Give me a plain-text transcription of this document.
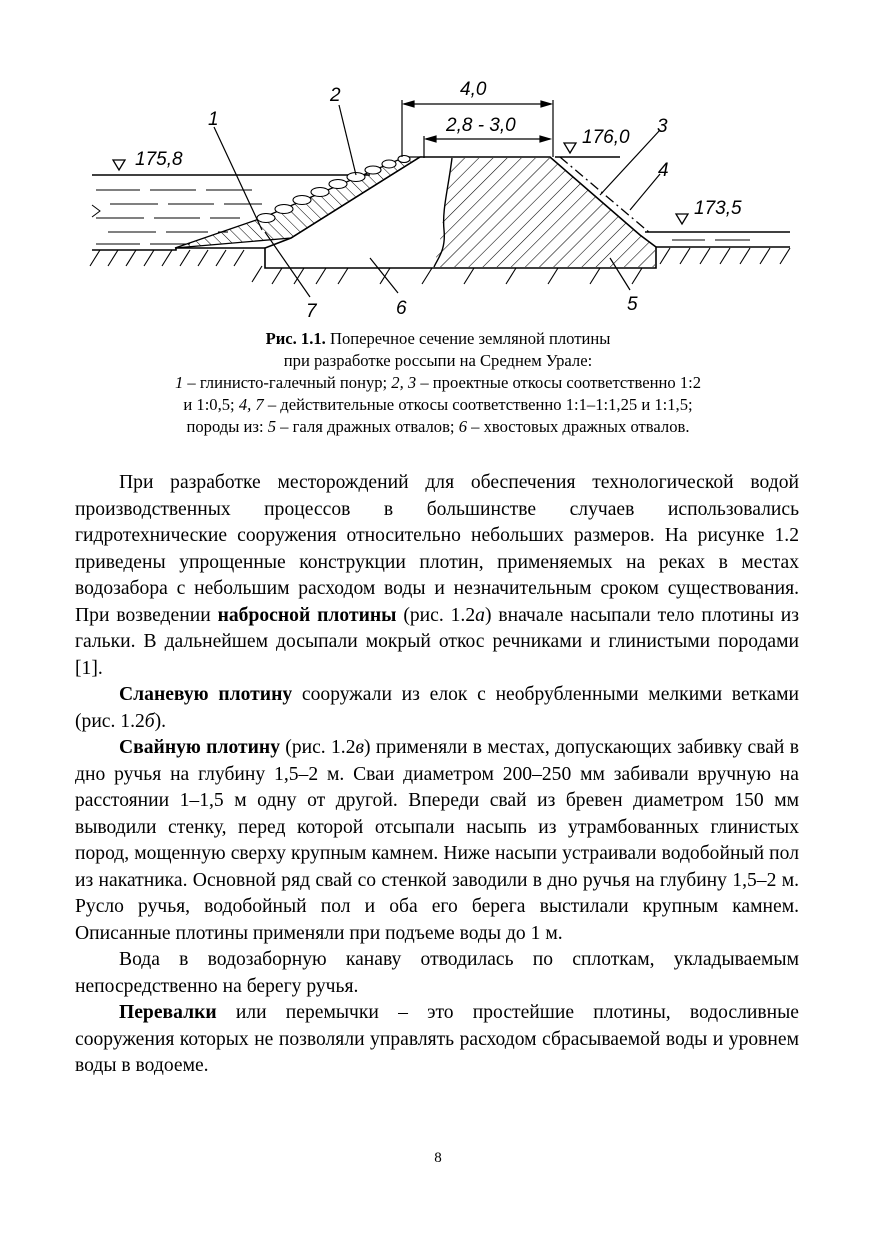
2
1	3
4
7	6	5
4,0
2,8 - 3,0
176,0
175,8
173,5
Рис. 1.1. Поперечное сечение земляной плотины
при разработке россыпи на Среднем Урале:
1 – глинисто-галечный понур; 2, 3 – проектные откосы соответственно 1:2
и 1:0,5; 4, 7 – действительные откосы соответственно 1:1–1:1,25 и 1:1,5;
породы из: 5 – галя дражных отвалов; 6 – хвостовых дражных отвалов.

При разработке месторождений для обеспечения технологической водой производственных процессов в большинстве случаев использовались гидротехнические сооружения относительно небольших размеров. На рисунке 1.2 приведены упрощенные конструкции плотин, применяемых на реках в местах водозабора с небольшим расходом воды и незначительным сроком существования. При возведении набросной плотины (рис. 1.2а) вначале насыпали тело плотины из гальки. В дальнейшем досыпали мокрый откос речниками и глинистыми породами [1].

Сланевую плотину сооружали из елок с необрубленными мелкими ветками (рис. 1.2б).

Свайную плотину (рис. 1.2в) применяли в местах, допускающих забивку свай в дно ручья на глубину 1,5–2 м. Сваи диаметром 200–250 мм забивали вручную на расстоянии 1–1,5 м одну от другой. Впереди свай из бревен диаметром 150 мм выводили стенку, перед которой отсыпали насыпь из утрамбованных глинистых пород, мощенную сверху крупным камнем. Ниже насыпи устраивали водобойный пол из накатника. Основной ряд свай со стенкой заводили в дно ручья на глубину 1,5–2 м. Русло ручья, водобойный пол и оба его берега выстилали крупным камнем. Описанные плотины применяли при подъеме воды до 1 м.

Вода в водозаборную канаву отводилась по сплоткам, укладываемым непосредственно на берегу ручья.

Перевалки или перемычки – это простейшие плотины, водосливные сооружения которых не позволяли управлять расходом сбрасываемой воды и уровнем воды в водоеме.

8
